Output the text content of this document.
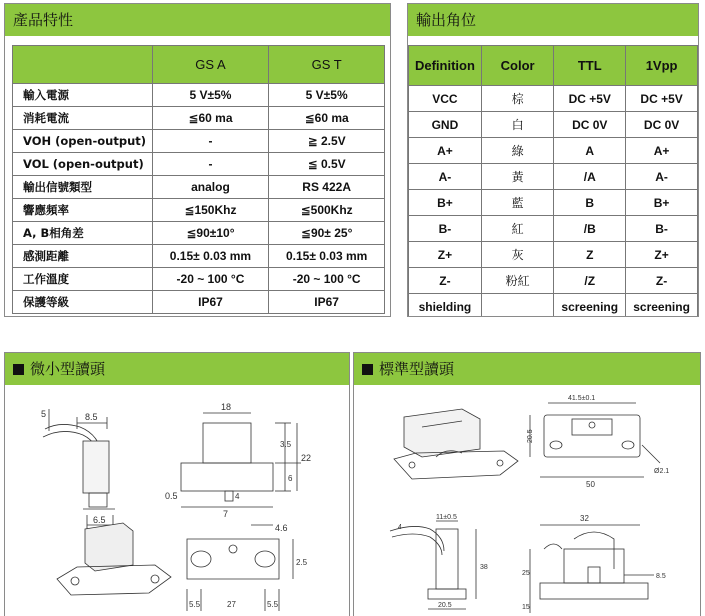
產品特性
	GS A	GS T
輸入電源	5 V±5%	5 V±5%
消耗電流	≦60 ma	≦60 ma
VOH (open-output)	-	≧ 2.5V
VOL (open-output)	-	≦ 0.5V
輸出信號類型	analog	RS 422A
響應頻率	≦150Khz	≦500Khz
A, B相角差	≦90±10°	≦90± 25°
感測距離	0.15± 0.03 mm	0.15± 0.03 mm
工作溫度	-20 ~ 100 °C	-20 ~ 100 °C
保護等級	IP67	IP67
輸出角位
Definition	Color	TTL	1Vpp
VCC	棕	DC +5V	DC +5V
GND	白	DC 0V	DC 0V
A+	綠	A	A+
A-	黃	/A	A-
B+	藍	B	B+
B-	紅	/B	B-
Z+	灰	Z	Z+
Z-	粉紅	/Z	Z-
shielding		screening	screening
微小型讀頭
8.5
6.5
5
18
3.5
6
22
7
0.5	4
4.6
5.5	27	5.5
2.5
標準型讀頭
41.5±0.1
20.5
50
Ø2.1
11±0.5
38
20.5
4
32
25
15
8.5
